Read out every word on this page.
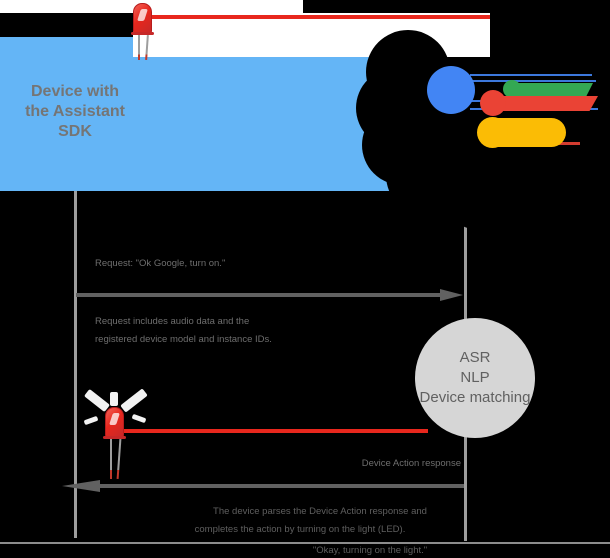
Device with
the Assistant
SDK
Request: "Ok Google, turn on."
Request includes audio data and the
registered device model and instance IDs.
ASR
NLP
Device matching
Device Action response
The device parses the Device Action response and
completes the action by turning on the light (LED).
"Okay, turning on the light."
